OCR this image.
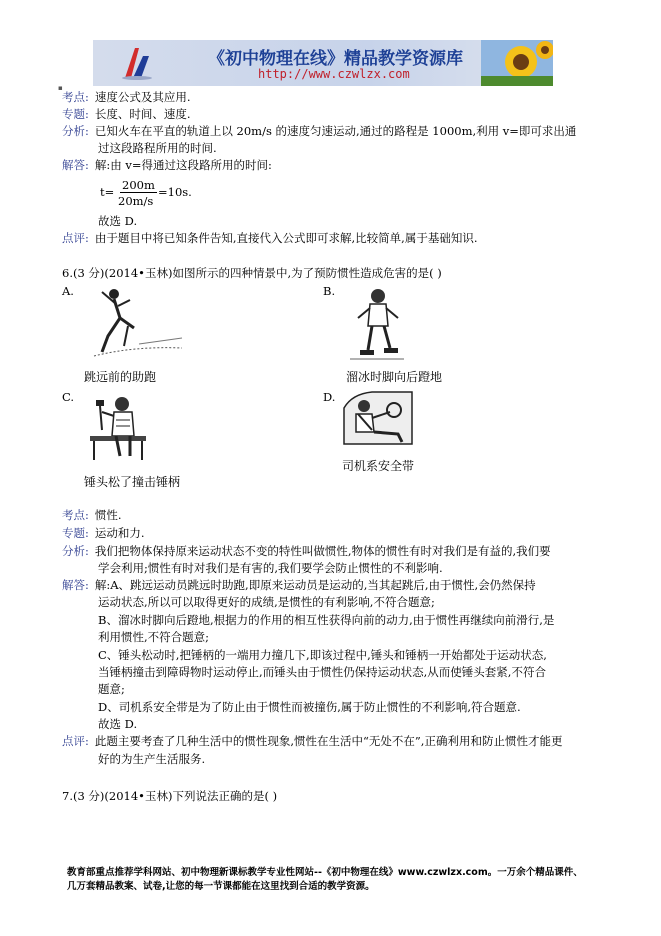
《初中物理在线》精品教学资源库
http://www.czwlzx.com
▪
考点: 速度公式及其应用.
专题: 长度、时间、速度.
分析: 已知火车在平直的轨道上以 20m/s 的速度匀速运动,通过的路程是 1000m,利用 v=即可求出通
过这段路程所用的时间.
解答: 解:由 v=得通过这段路所用的时间:
t= 200m
20m/s
=10s.
故选 D.
点评: 由于题目中将已知条件告知,直接代入公式即可求解,比较简单,属于基础知识.
6.(3 分)(2014•玉林)如图所示的四种情景中,为了预防惯性造成危害的是( )
A.	B.
跳远前的助跑	溜冰时脚向后蹬地
C.	D.
锤头松了撞击锤柄
司机系安全带
考点: 惯性.
专题: 运动和力.
分析: 我们把物体保持原来运动状态不变的特性叫做惯性,物体的惯性有时对我们是有益的,我们要
学会利用;惯性有时对我们是有害的,我们要学会防止惯性的不利影响.
解答: 解:A、跳远运动员跳远时助跑,即原来运动员是运动的,当其起跳后,由于惯性,会仍然保持
运动状态,所以可以取得更好的成绩,是惯性的有利影响,不符合题意;
B、溜冰时脚向后蹬地,根据力的作用的相互性获得向前的动力,由于惯性再继续向前滑行,是
利用惯性,不符合题意;
C、锤头松动时,把锤柄的一端用力撞几下,即该过程中,锤头和锤柄一开始都处于运动状态,
当锤柄撞击到障碍物时运动停止,而锤头由于惯性仍保持运动状态,从而使锤头套紧,不符合
题意;
D、司机系安全带是为了防止由于惯性而被撞伤,属于防止惯性的不利影响,符合题意.
故选 D.
点评: 此题主要考查了几种生活中的惯性现象,惯性在生活中“无处不在”,正确利用和防止惯性才能更
好的为生产生活服务.
7.(3 分)(2014•玉林)下列说法正确的是( )
教育部重点推荐学科网站、初中物理新课标教学专业性网站--《初中物理在线》www.czwlzx.com。一万余个精品课件、
几万套精品教案、试卷,让您的每一节课都能在这里找到合适的教学资源。
